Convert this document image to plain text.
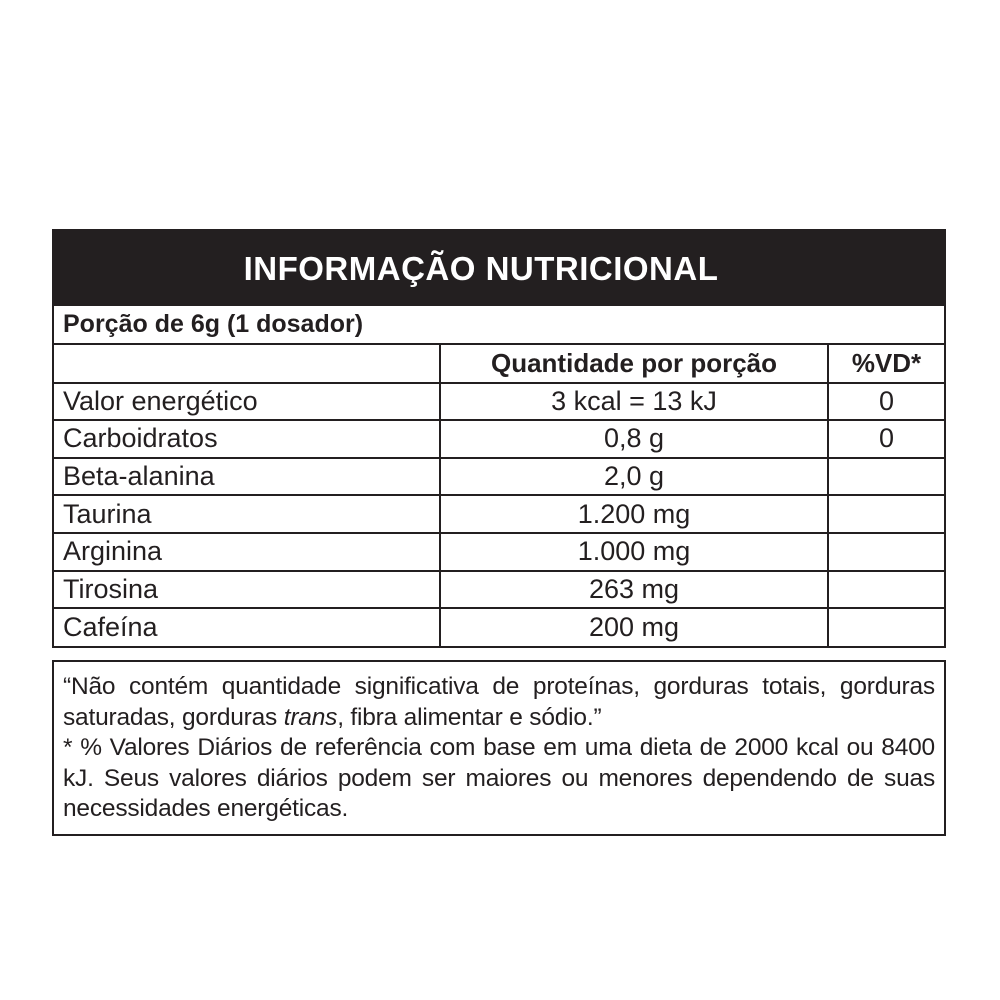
INFORMAÇÃO NUTRICIONAL
Porção de 6g (1 dosador)
	Quantidade por porção	%VD*
Valor energético	3 kcal = 13 kJ	0
Carboidratos	0,8 g	0
Beta-alanina	2,0 g	
Taurina	1.200 mg	
Arginina	1.000 mg	
Tirosina	263 mg	
Cafeína	200 mg	

“Não contém quantidade significativa de proteínas, gorduras totais, gorduras saturadas, gorduras trans, fibra alimentar e sódio.”

* % Valores Diários de referência com base em uma dieta de 2000 kcal ou 8400 kJ. Seus valores diários podem ser maiores ou menores dependendo de suas necessidades energéticas.
